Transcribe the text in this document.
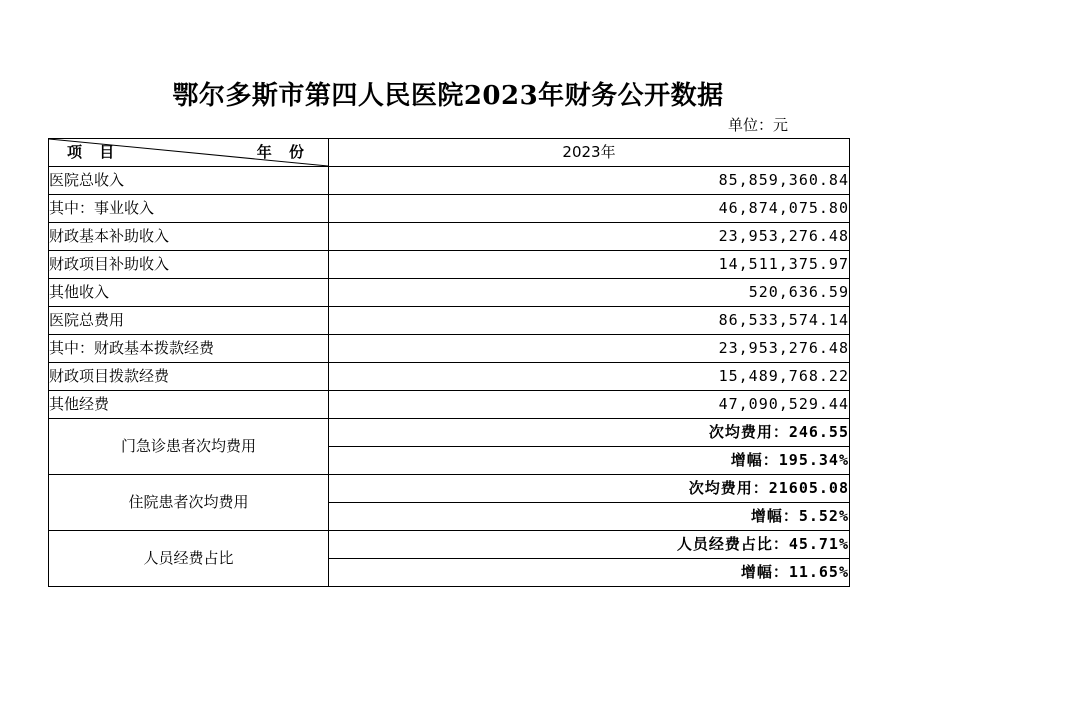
鄂尔多斯市第四人民医院2023年财务公开数据
单位：元
项 目 年 份	2023年
医院总收入	85,859,360.84
其中：事业收入	46,874,075.80
财政基本补助收入	23,953,276.48
财政项目补助收入	14,511,375.97
其他收入	520,636.59
医院总费用	86,533,574.14
其中：财政基本拨款经费	23,953,276.48
财政项目拨款经费	15,489,768.22
其他经费	47,090,529.44
门急诊患者次均费用	次均费用：246.55
	增幅：195.34%
住院患者次均费用	次均费用：21605.08
	增幅：5.52%
人员经费占比	人员经费占比：45.71%
	增幅：11.65%
